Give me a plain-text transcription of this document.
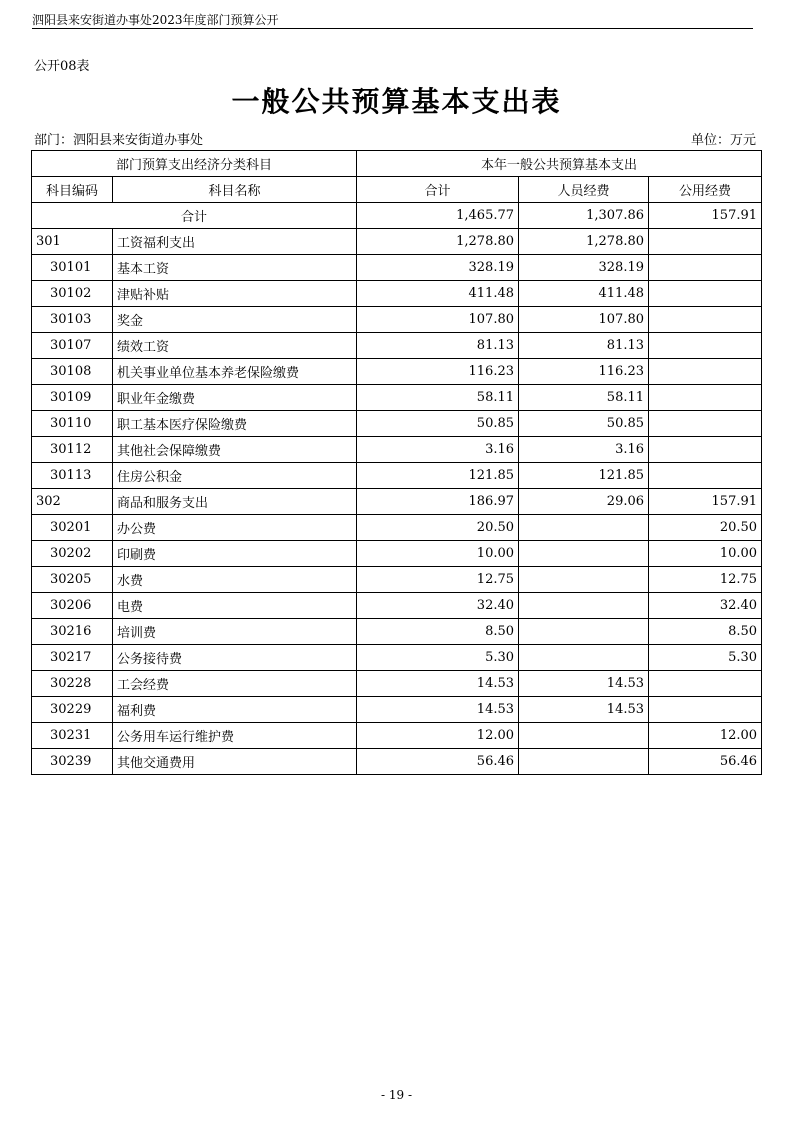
泗阳县来安街道办事处2023年度部门预算公开
公开08表
一般公共预算基本支出表
部门：泗阳县来安街道办事处	单位：万元
部门预算支出经济分类科目		本年一般公共预算基本支出		
科目编码	科目名称	合计	人员经费	公用经费
合计		1,465.77	1,307.86	157.91
301	工资福利支出	1,278.80	1,278.80	
30101	基本工资	328.19	328.19	
30102	津贴补贴	411.48	411.48	
30103	奖金	107.80	107.80	
30107	绩效工资	81.13	81.13	
30108	机关事业单位基本养老保险缴费	116.23	116.23	
30109	职业年金缴费	58.11	58.11	
30110	职工基本医疗保险缴费	50.85	50.85	
30112	其他社会保障缴费	3.16	3.16	
30113	住房公积金	121.85	121.85	
302	商品和服务支出	186.97	29.06	157.91
30201	办公费	20.50		20.50
30202	印刷费	10.00		10.00
30205	水费	12.75		12.75
30206	电费	32.40		32.40
30216	培训费	8.50		8.50
30217	公务接待费	5.30		5.30
30228	工会经费	14.53	14.53	
30229	福利费	14.53	14.53	
30231	公务用车运行维护费	12.00		12.00
30239	其他交通费用	56.46		56.46
- 19 -
